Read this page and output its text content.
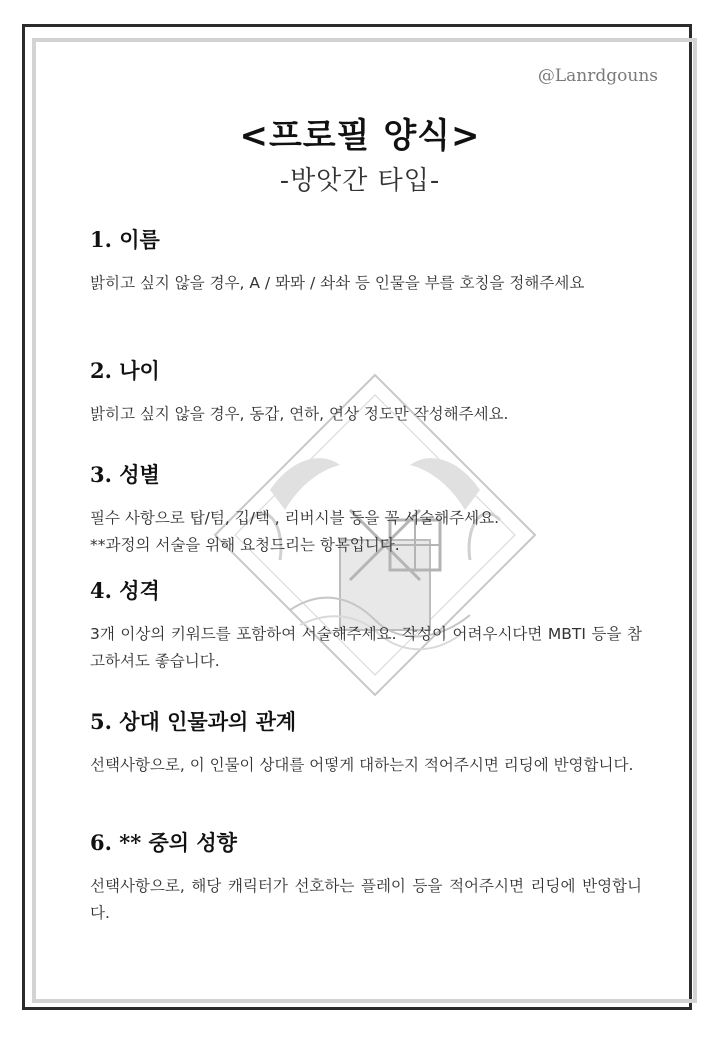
@Lanrdgouns
<프로필 양식>
-방앗간 타입-
1. 이름

밝히고 싶지 않을 경우, A / 뫄뫄 / 솨솨 등 인물을 부를 호칭을 정해주세요

2. 나이

밝히고 싶지 않을 경우, 동갑, 연하, 연상 정도만 작성해주세요.

3. 성별

필수 사항으로 탑/텀, 깁/텍 , 리버시블 등을 꼭 서술해주세요.
**과정의 서술을 위해 요청드리는 항목입니다.

4. 성격

3개 이상의 키워드를 포함하여 서술해주세요. 작성이 어려우시다면 MBTI 등을 참고하셔도 좋습니다.

5. 상대 인물과의 관계

선택사항으로, 이 인물이 상대를 어떻게 대하는지 적어주시면 리딩에 반영합니다.

6. ** 중의 성향

선택사항으로, 해당 캐릭터가 선호하는 플레이 등을 적어주시면 리딩에 반영합니다.
